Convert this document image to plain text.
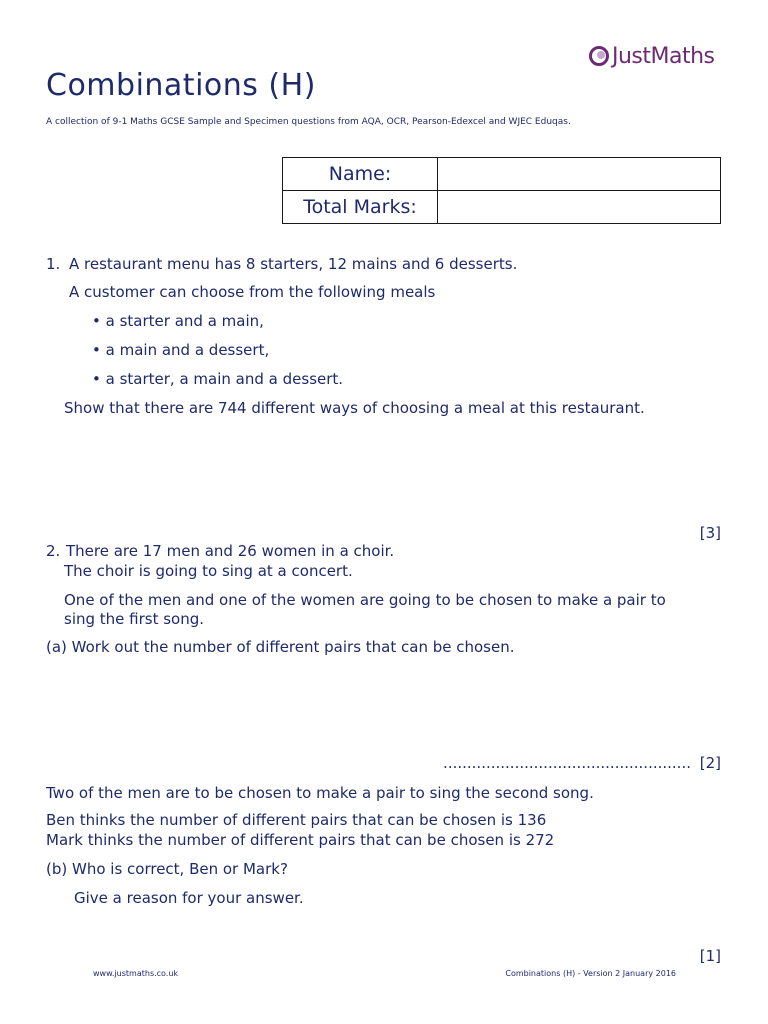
JustMaths
Combinations (H)
A collection of 9-1 Maths GCSE Sample and Specimen questions from AQA, OCR, Pearson-Edexcel and WJEC Eduqas.
Name:	
Total Marks:	
1. A restaurant menu has 8 starters, 12 mains and 6 desserts.
A customer can choose from the following meals
• a starter and a main,
• a main and a dessert,
• a starter, a main and a dessert.
Show that there are 744 different ways of choosing a meal at this restaurant.
[3]
2. There are 17 men and 26 women in a choir.
The choir is going to sing at a concert.
One of the men and one of the women are going to be chosen to make a pair to
sing the first song.
(a) Work out the number of different pairs that can be chosen.
.................................................... [2]
Two of the men are to be chosen to make a pair to sing the second song.
Ben thinks the number of different pairs that can be chosen is 136
Mark thinks the number of different pairs that can be chosen is 272
(b) Who is correct, Ben or Mark?
Give a reason for your answer.
[1]
www.justmaths.co.uk	Combinations (H) - Version 2 January 2016
